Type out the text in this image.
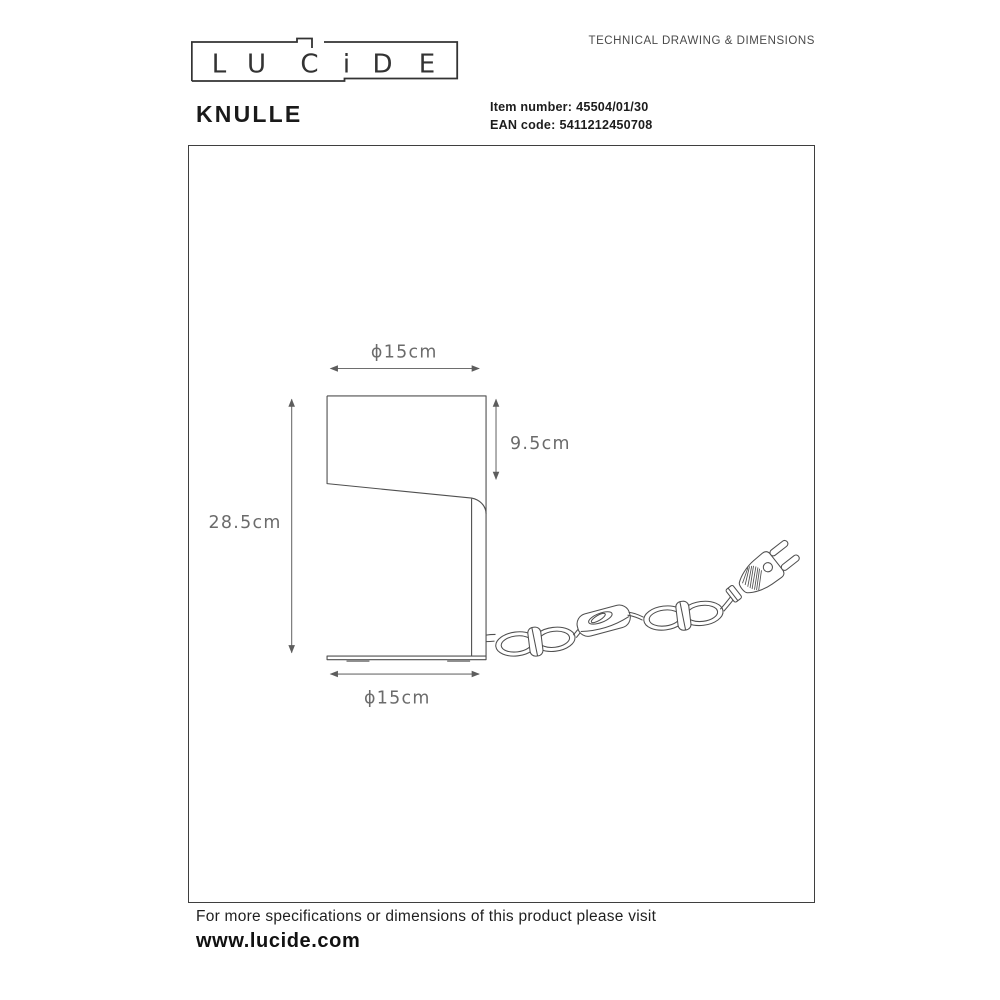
L U C i D E
TECHNICAL DRAWING & DIMENSIONS
KNULLE	Item number: 45504/01/30
EAN code: 5411212450708
ϕ15cm
9.5cm
28.5cm
ϕ15cm
For more specifications or dimensions of this product please visit
www.lucide.com
